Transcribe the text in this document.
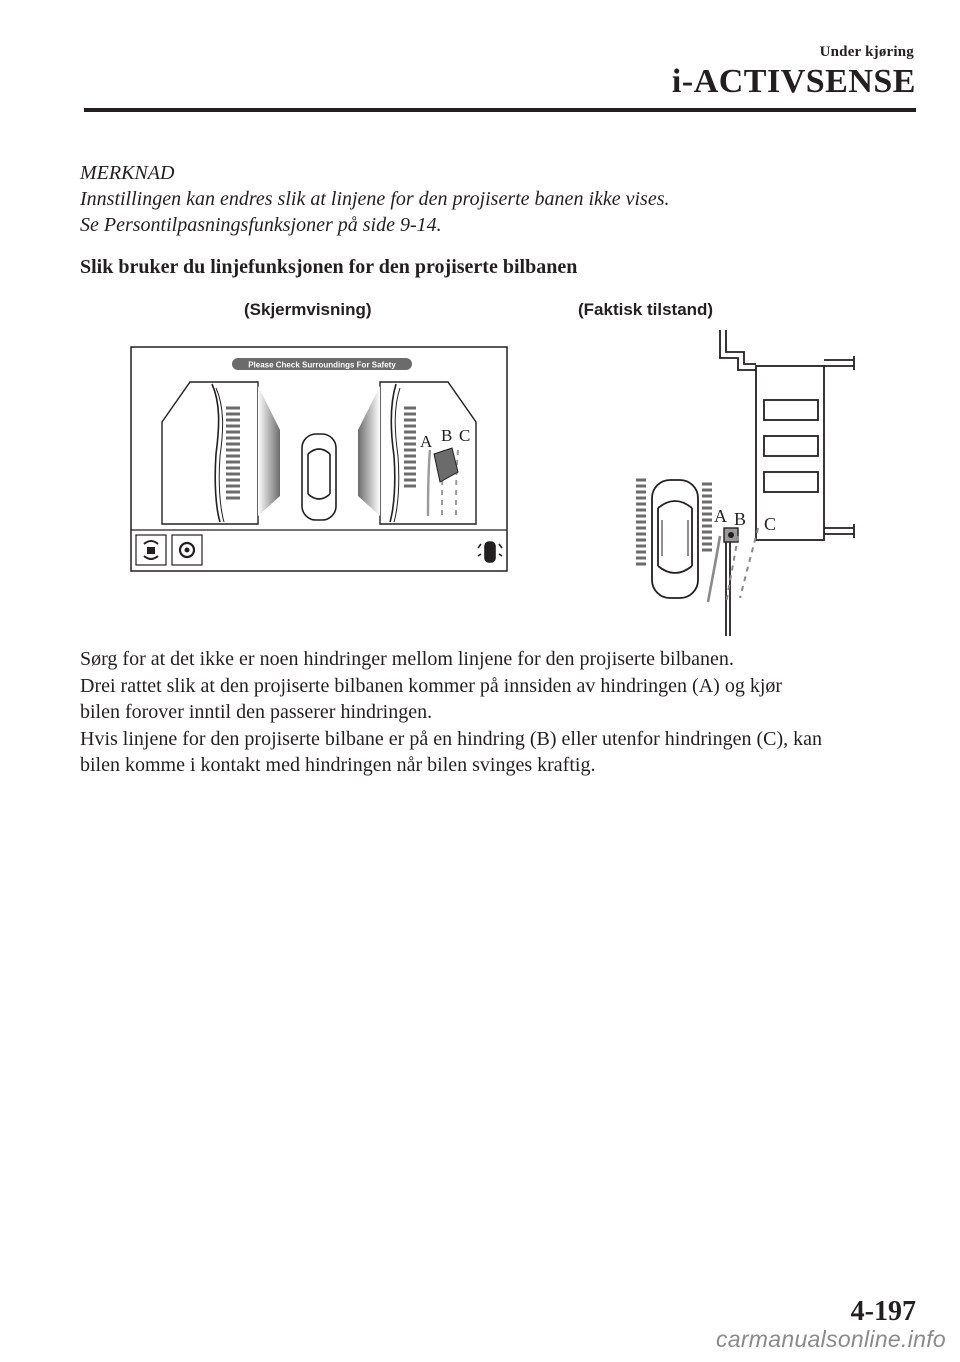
Under kjøring
i-ACTIVSENSE

MERKNAD

Innstillingen kan endres slik at linjene for den projiserte banen ikke vises.

Se Persontilpasningsfunksjoner på side 9-14.

Slik bruker du linjefunksjonen for den projiserte bilbanen

(Skjermvisning)	(Faktisk tilstand)
Please Check Surroundings For Safety
A B C
A B C

Sørg for at det ikke er noen hindringer mellom linjene for den projiserte bilbanen.

Drei rattet slik at den projiserte bilbanen kommer på innsiden av hindringen (A) og kjør

bilen forover inntil den passerer hindringen.

Hvis linjene for den projiserte bilbane er på en hindring (B) eller utenfor hindringen (C), kan

bilen komme i kontakt med hindringen når bilen svinges kraftig.

4-197
carmanualsonline.info
